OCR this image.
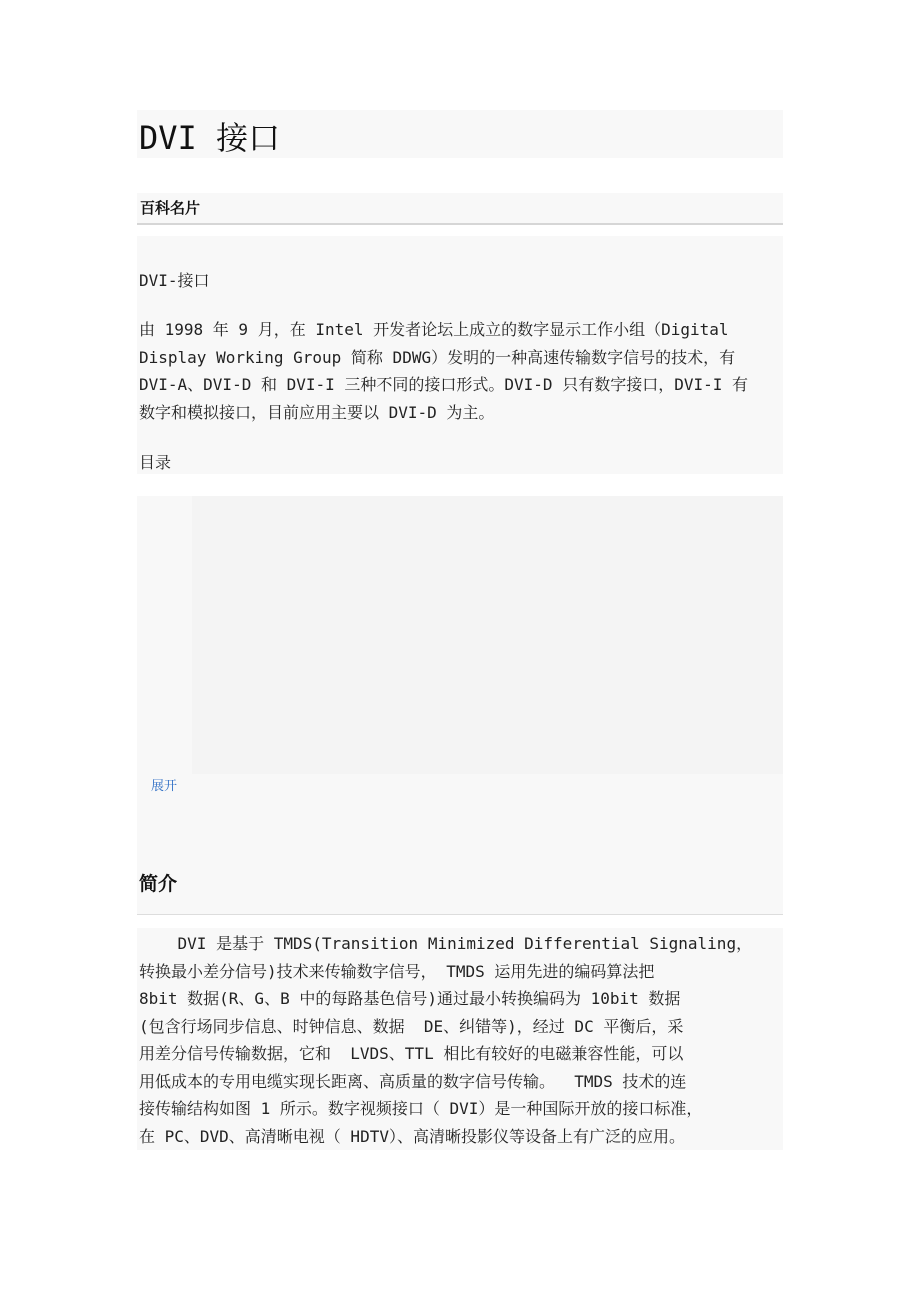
DVI 接口
百科名片

DVI-接口

由 1998 年 9 月，在 Intel 开发者论坛上成立的数字显示工作小组（Digital

Display Working Group 简称 DDWG）发明的一种高速传输数字信号的技术，有

DVI-A、DVI-D 和 DVI-I 三种不同的接口形式。DVI-D 只有数字接口，DVI-I 有

数字和模拟接口，目前应用主要以 DVI-D 为主。

目录

展开
简介

DVI 是基于 TMDS(Transition Minimized Differential Signaling，

转换最小差分信号)技术来传输数字信号， TMDS 运用先进的编码算法把

8bit 数据(R、G、B 中的每路基色信号)通过最小转换编码为 10bit 数据

(包含行场同步信息、时钟信息、数据  DE、纠错等)，经过 DC 平衡后，采

用差分信号传输数据，它和  LVDS、TTL 相比有较好的电磁兼容性能，可以

用低成本的专用电缆实现长距离、高质量的数字信号传输。  TMDS 技术的连

接传输结构如图 1 所示。数字视频接口（ DVI）是一种国际开放的接口标准，

在 PC、DVD、高清晰电视（ HDTV）、高清晰投影仪等设备上有广泛的应用。
